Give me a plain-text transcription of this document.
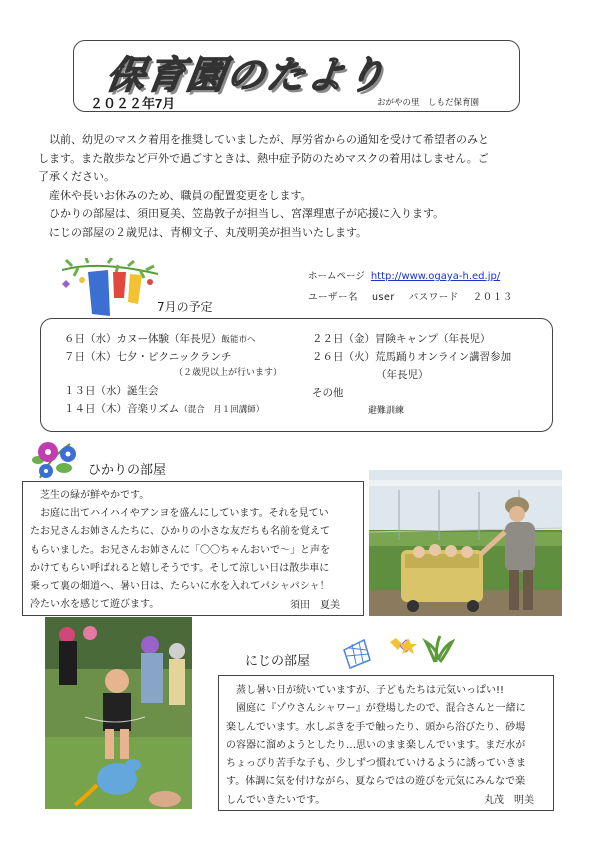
保育園のたより
２０２２年7月	おがやの里　しもだ保育園

　以前、幼児のマスク着用を推奨していましたが、厚労省からの通知を受けて希望者のみと

します。また散歩など戸外で過ごすときは、熱中症予防のためマスクの着用はしません。ご

了承ください。

　産休や長いお休みのため、職員の配置変更をします。

　ひかりの部屋は、須田夏美、笠島敦子が担当し、宮澤理恵子が応援に入ります。

　にじの部屋の２歳児は、青柳文子、丸茂明美が担当いたします。

ホームページ http://www.ogaya-h.ed.jp/
ユーザー名 user パスワード ２０１３
7月の予定
６日（水）カヌー体験（年長児）飯能市へ
７日（木）七夕・ピクニックランチ
（２歳児以上が行います）
１３日（水）誕生会
１４日（木）音楽リズム（混合　月１回講師）
２２日（金）冒険キャンプ（年長児）
２６日（火）荒馬踊りオンライン講習参加
（年長児）
その他
避難訓練
ひかりの部屋
　芝生の緑が鮮やかです。
　お庭に出てハイハイやアンヨを盛んにしています。それを見てい
たお兄さんお姉さんたちに、ひかりの小さな友だちも名前を覚えて
もらいました。お兄さんお姉さんに「〇〇ちゃんおいで～」と声を
かけてもらい呼ばれると嬉しそうです。そして涼しい日は散歩車に
乗って裏の畑道へ、暑い日は、たらいに水を入れてパシャパシャ！
冷たい水を感じて遊びます。	須田　夏美
にじの部屋
　蒸し暑い日が続いていますが、子どもたちは元気いっぱい!!
　園庭に『ゾウさんシャワー』が登場したので、混合さんと一緒に
楽しんでいます。水しぶきを手で触ったり、頭から浴びたり、砂場
の容器に溜めようとしたり…思いのまま楽しんでいます。まだ水が
ちょっぴり苦手な子も、少しずつ慣れていけるように誘っていきま
す。体調に気を付けながら、夏ならではの遊びを元気にみんなで楽
しんでいきたいです。	丸茂　明美
